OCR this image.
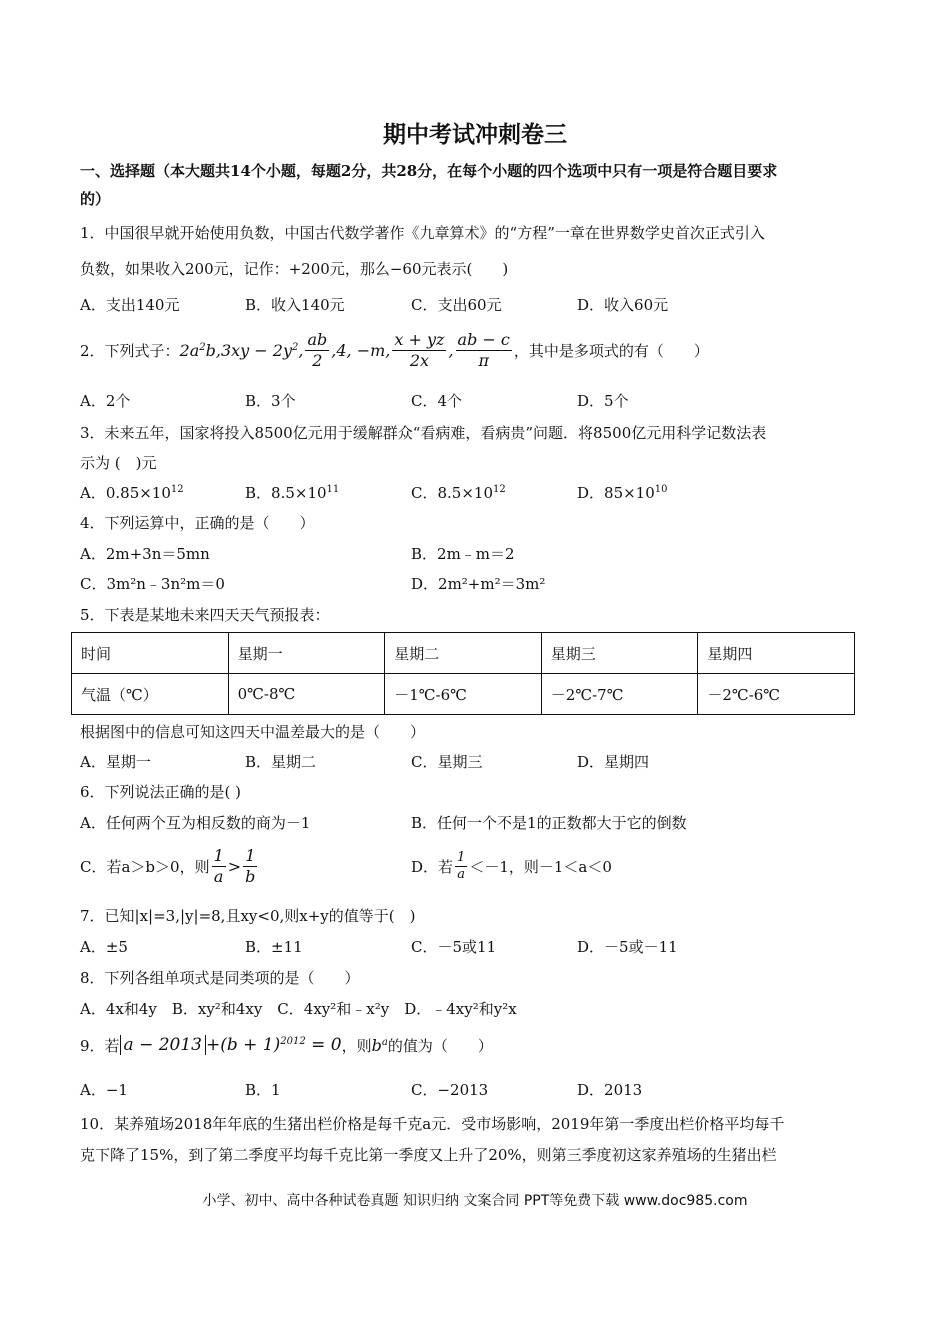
期中考试冲刺卷三
一、选择题（本大题共14个小题，每题2分，共28分，在每个小题的四个选项中只有一项是符合题目要求
的）
1．中国很早就开始使用负数，中国古代数学著作《九章算术》的“方程”一章在世界数学史首次正式引入
负数，如果收入200元，记作：+200元，那么−60元表示(　　)
A．支出140元	B．收入140元	C．支出60元	D．收入60元
2．下列式子： $2a^2b,3xy - 2y^2$, $\frac{ab}{2} ,4$, −m, $\frac{x + yz}{2x}$ , $\frac{ab - c}{\pi}$ ，其中是多项式的有（　　）
A．2个	B．3个	C．4个	D．5个
3．未来五年，国家将投入8500亿元用于缓解群众“看病难，看病贵”问题．将8500亿元用科学记数法表
示为 (　)元
A．$0.85\times 10^{12}$	B．$8.5\times 10^{11}$	C．$8.5\times 10^{12}$	D．$85\times 10^{10}$
4．下列运算中，正确的是（　　）
A．2m+3n＝5mn	B．2m﹣m＝2
C．3m²n﹣3n²m＝0	D．2m²+m²＝3m²
5．下表是某地未来四天天气预报表：
时间	星期一	星期二	星期三	星期四
气温（℃）	0℃-8℃	－1℃-6℃	－2℃-7℃	－2℃-6℃
根据图中的信息可知这四天中温差最大的是（　　）
A．星期一	B．星期二	C．星期三	D．星期四
6．下列说法正确的是( )
A．任何两个互为相反数的商为－1	B．任何一个不是1的正数都大于它的倒数
C．若a＞b＞0，则 $\frac{1}{a} > \frac{1}{b}$	D．若 $\frac{1}{a} <-1$，则－1＜a＜0
7．已知|x|=3,|y|=8,且xy<0,则x+y的值等于(　)
A．±5	B．±11	C．－5或11	D．－5或－11
8．下列各组单项式是同类项的是（　　）
A．4x和4y　B．xy²和4xy　C．4xy²和﹣x²y　D．﹣4xy²和y²x
9．若 $a - 2013 +(b + 1)^{2012} = 0$ ，则 $b^a$ 的值为（　　）
A．−1	B．1	C．−2013	D．2013
10．某养殖场2018年年底的生猪出栏价格是每千克a元．受市场影响，2019年第一季度出栏价格平均每千
克下降了15%，到了第二季度平均每千克比第一季度又上升了20%，则第三季度初这家养殖场的生猪出栏
小学、初中、高中各种试卷真题 知识归纳 文案合同 PPT等免费下载 www.doc985.com
